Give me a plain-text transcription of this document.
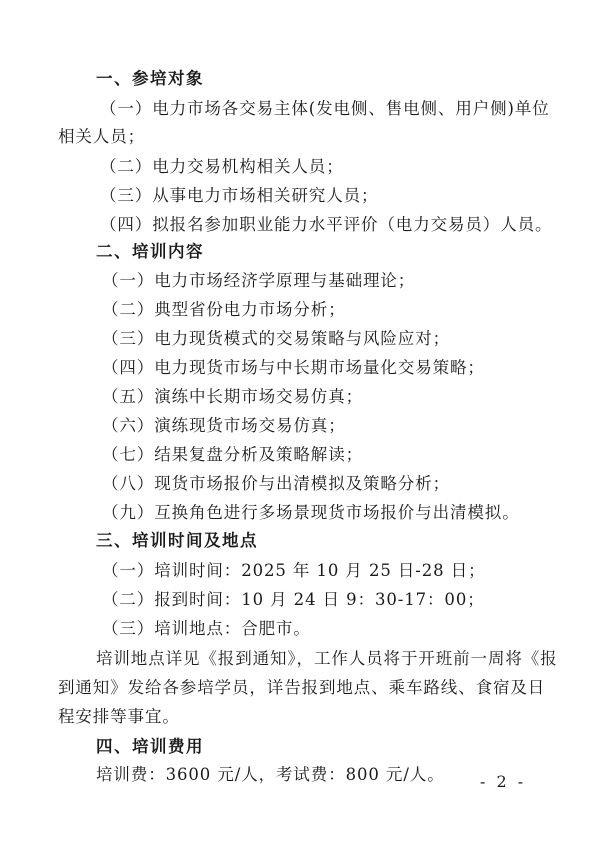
一、参培对象
（一）电力市场各交易主体(发电侧、售电侧、用户侧)单位
相关人员；
（二）电力交易机构相关人员；
（三）从事电力市场相关研究人员；
（四）拟报名参加职业能力水平评价（电力交易员）人员。
二、培训内容
（一）电力市场经济学原理与基础理论；
（二）典型省份电力市场分析；
（三）电力现货模式的交易策略与风险应对；
（四）电力现货市场与中长期市场量化交易策略；
（五）演练中长期市场交易仿真；
（六）演练现货市场交易仿真；
（七）结果复盘分析及策略解读；
（八）现货市场报价与出清模拟及策略分析；
（九）互换角色进行多场景现货市场报价与出清模拟。
三、培训时间及地点
（一）培训时间：2025 年 10 月 25 日-28 日；
（二）报到时间：10 月 24 日 9：30-17：00；
（三）培训地点：合肥市。
培训地点详见《报到通知》，工作人员将于开班前一周将《报
到通知》发给各参培学员，详告报到地点、乘车路线、食宿及日
程安排等事宜。
四、培训费用
培训费：3600 元/人，考试费：800 元/人。 - 2 -
